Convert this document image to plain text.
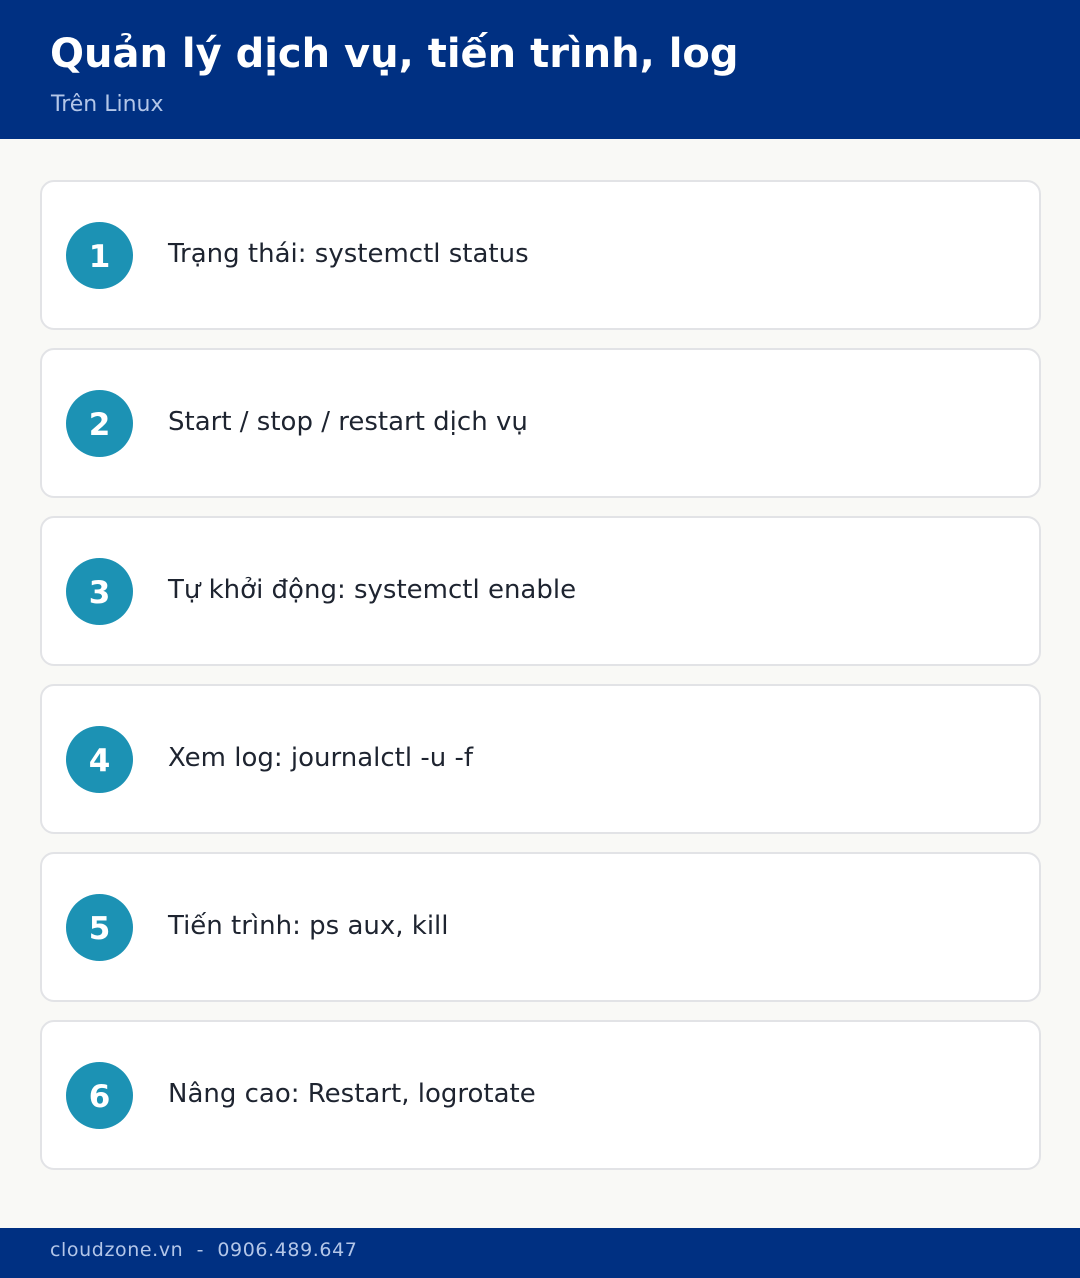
Quản lý dịch vụ, tiến trình, log
Trên Linux
1	Trạng thái: systemctl status
2	Start / stop / restart dịch vụ
3	Tự khởi động: systemctl enable
4	Xem log: journalctl -u -f
5	Tiến trình: ps aux, kill
6	Nâng cao: Restart, logrotate
cloudzone.vn  -  0906.489.647
